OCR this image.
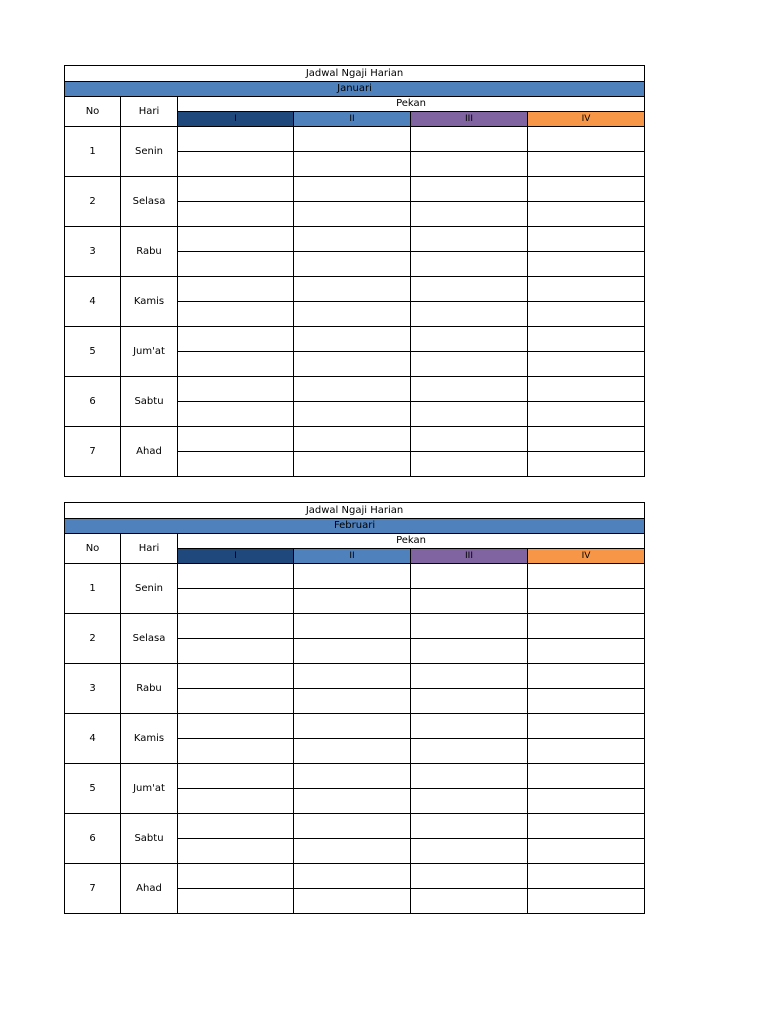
Jadwal Ngaji Harian					
Januari					
No	Hari	Pekan			
		I	II	III	IV
1	Senin				

2	Selasa				

3	Rabu				

4	Kamis				

5	Jum'at				

6	Sabtu				

7	Ahad				

Jadwal Ngaji Harian					
Februari					
No	Hari	Pekan			
		I	II	III	IV
1	Senin				

2	Selasa				

3	Rabu				

4	Kamis				

5	Jum'at				

6	Sabtu				

7	Ahad				
